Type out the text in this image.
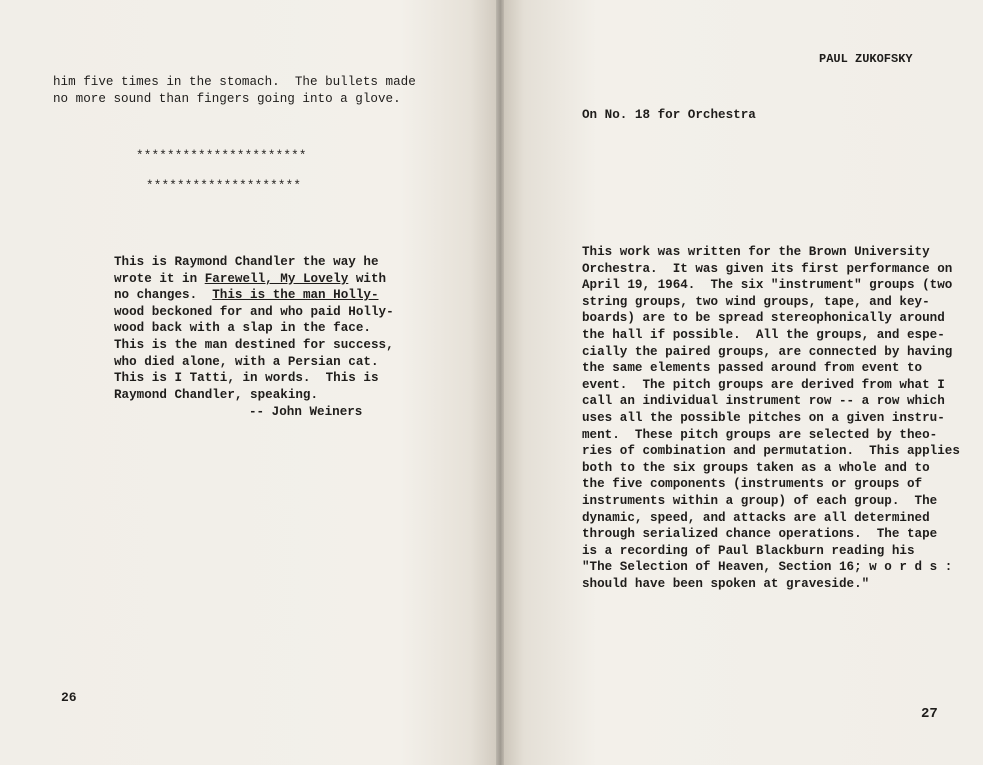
him five times in the stomach.  The bullets made
no more sound than fingers going into a glove.
**********************
********************
This is Raymond Chandler the way he
wrote it in Farewell, My Lovely with
no changes.  This is the man Holly-
wood beckoned for and who paid Holly-
wood back with a slap in the face.
This is the man destined for success,
who died alone, with a Persian cat.
This is I Tatti, in words.  This is
Raymond Chandler, speaking.
-- John Weiners
26
PAUL ZUKOFSKY
On No. 18 for Orchestra
This work was written for the Brown University
Orchestra.  It was given its first performance on
April 19, 1964.  The six "instrument" groups (two
string groups, two wind groups, tape, and key-
boards) are to be spread stereophonically around
the hall if possible.  All the groups, and espe-
cially the paired groups, are connected by having
the same elements passed around from event to
event.  The pitch groups are derived from what I
call an individual instrument row -- a row which
uses all the possible pitches on a given instru-
ment.  These pitch groups are selected by theo-
ries of combination and permutation.  This applies
both to the six groups taken as a whole and to
the five components (instruments or groups of
instruments within a group) of each group.  The
dynamic, speed, and attacks are all determined
through serialized chance operations.  The tape
is a recording of Paul Blackburn reading his
"The Selection of Heaven, Section 16; w o r d s :
should have been spoken at graveside."
27
